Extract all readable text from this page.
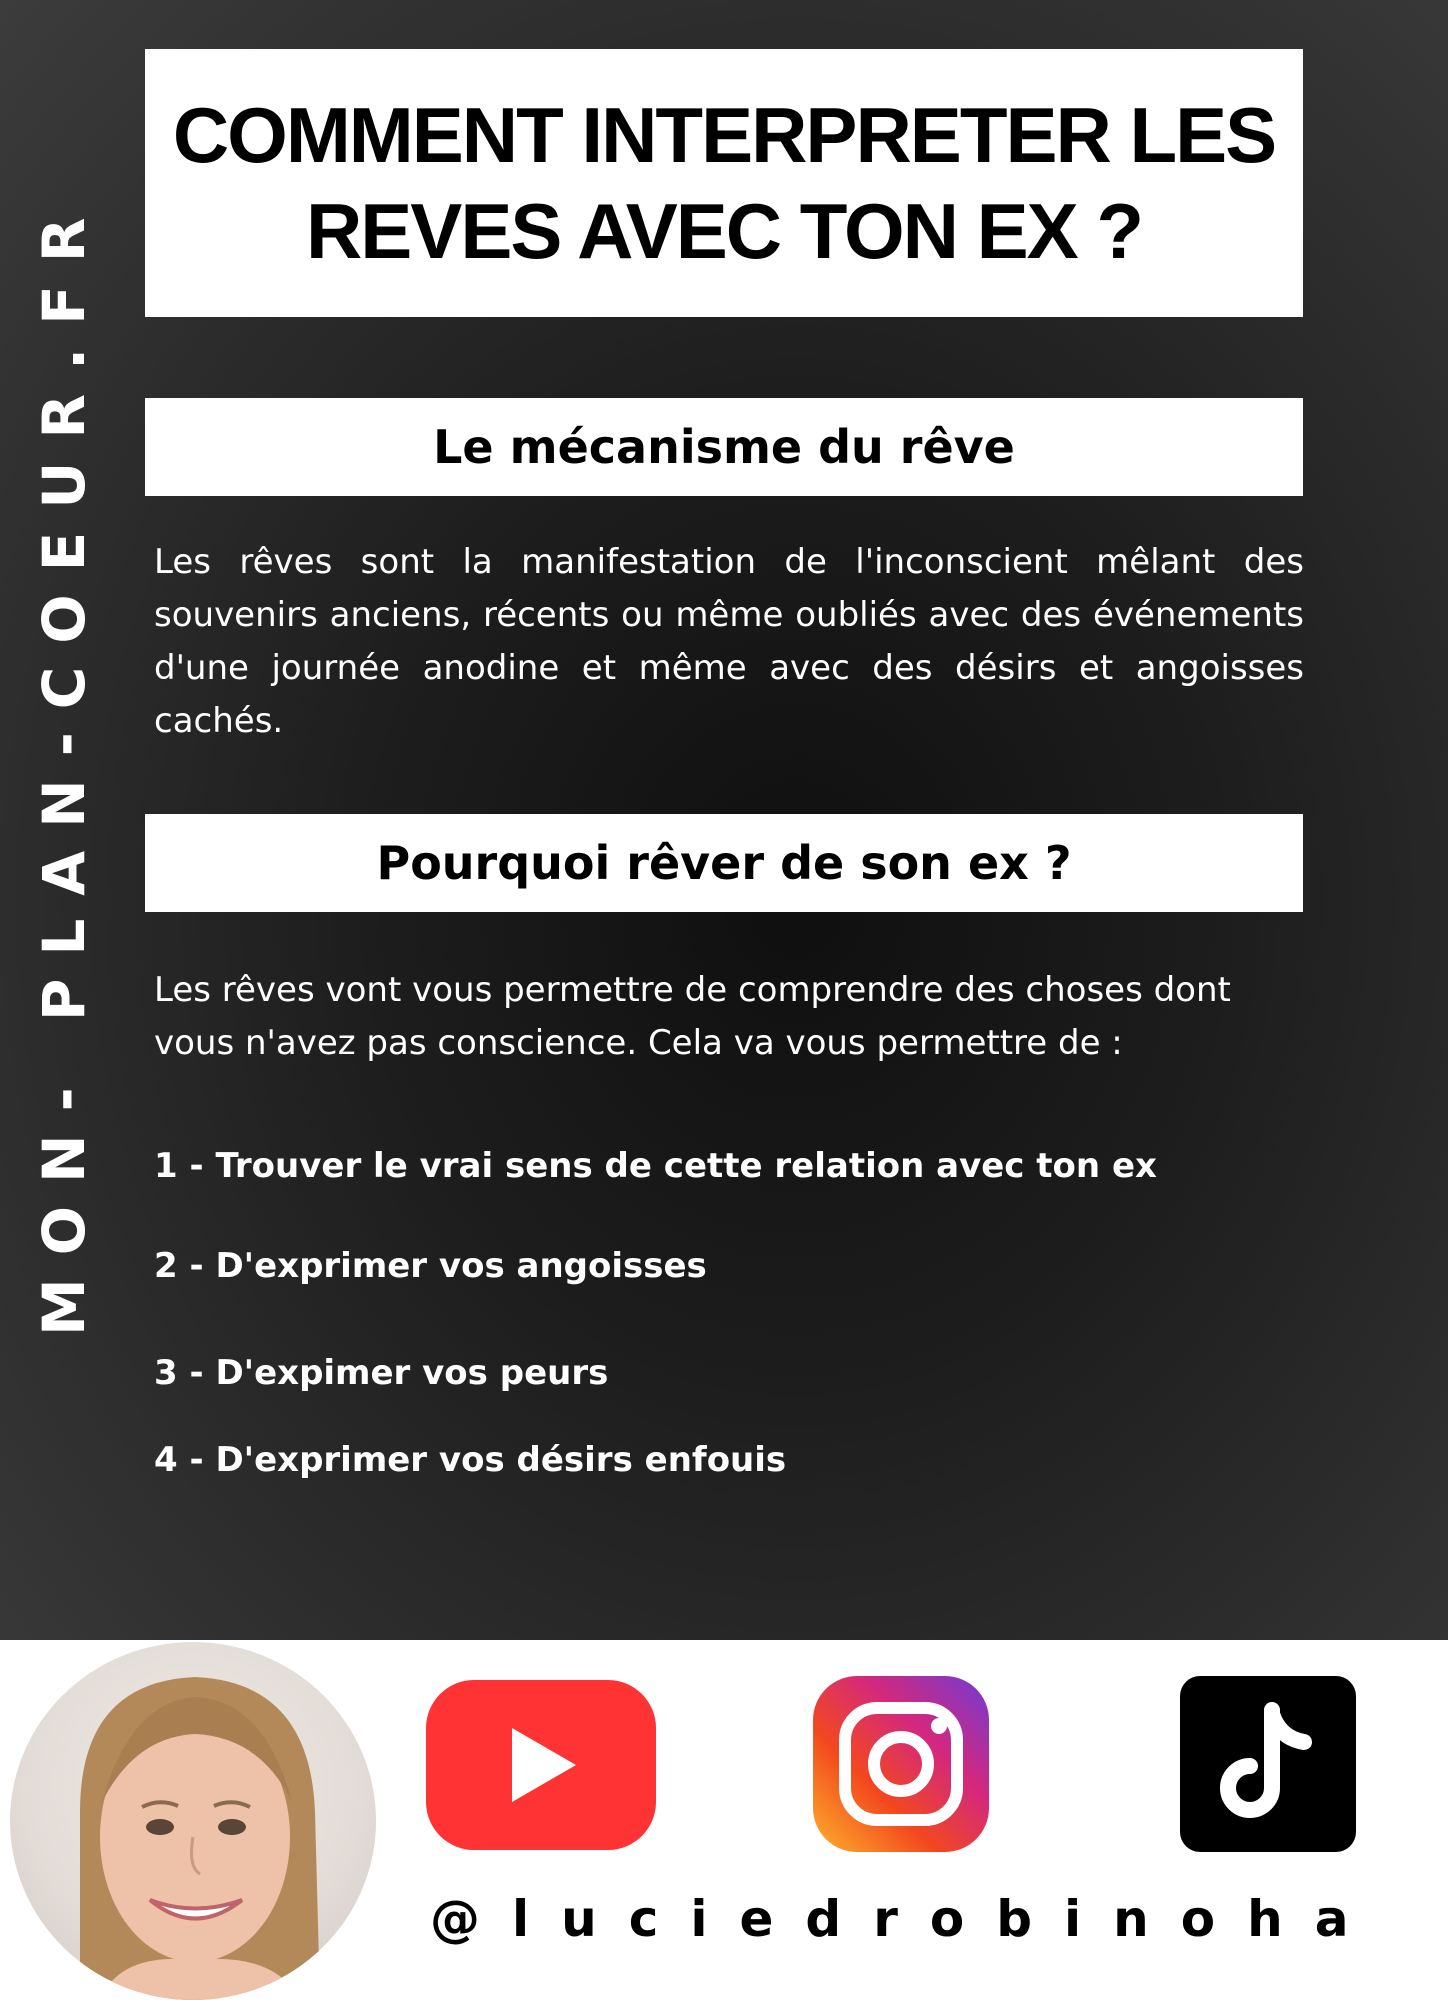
MON- PLAN-COEUR.FR
COMMENT INTERPRETER LES REVES AVEC TON EX ?
Le mécanisme du rêve
Les rêves sont la manifestation de l'inconscient mêlant des souvenirs anciens, récents ou même oubliés avec des événements d'une journée anodine et même avec des désirs et angoisses cachés.
Pourquoi rêver de son ex ?
Les rêves vont vous permettre de comprendre des choses dont vous n'avez pas conscience. Cela va vous permettre de :
1 - Trouver le vrai sens de cette relation avec ton ex
2 - D'exprimer vos angoisses
3 - D'expimer vos peurs
4 - D'exprimer vos désirs enfouis
@luciedrobinoha
